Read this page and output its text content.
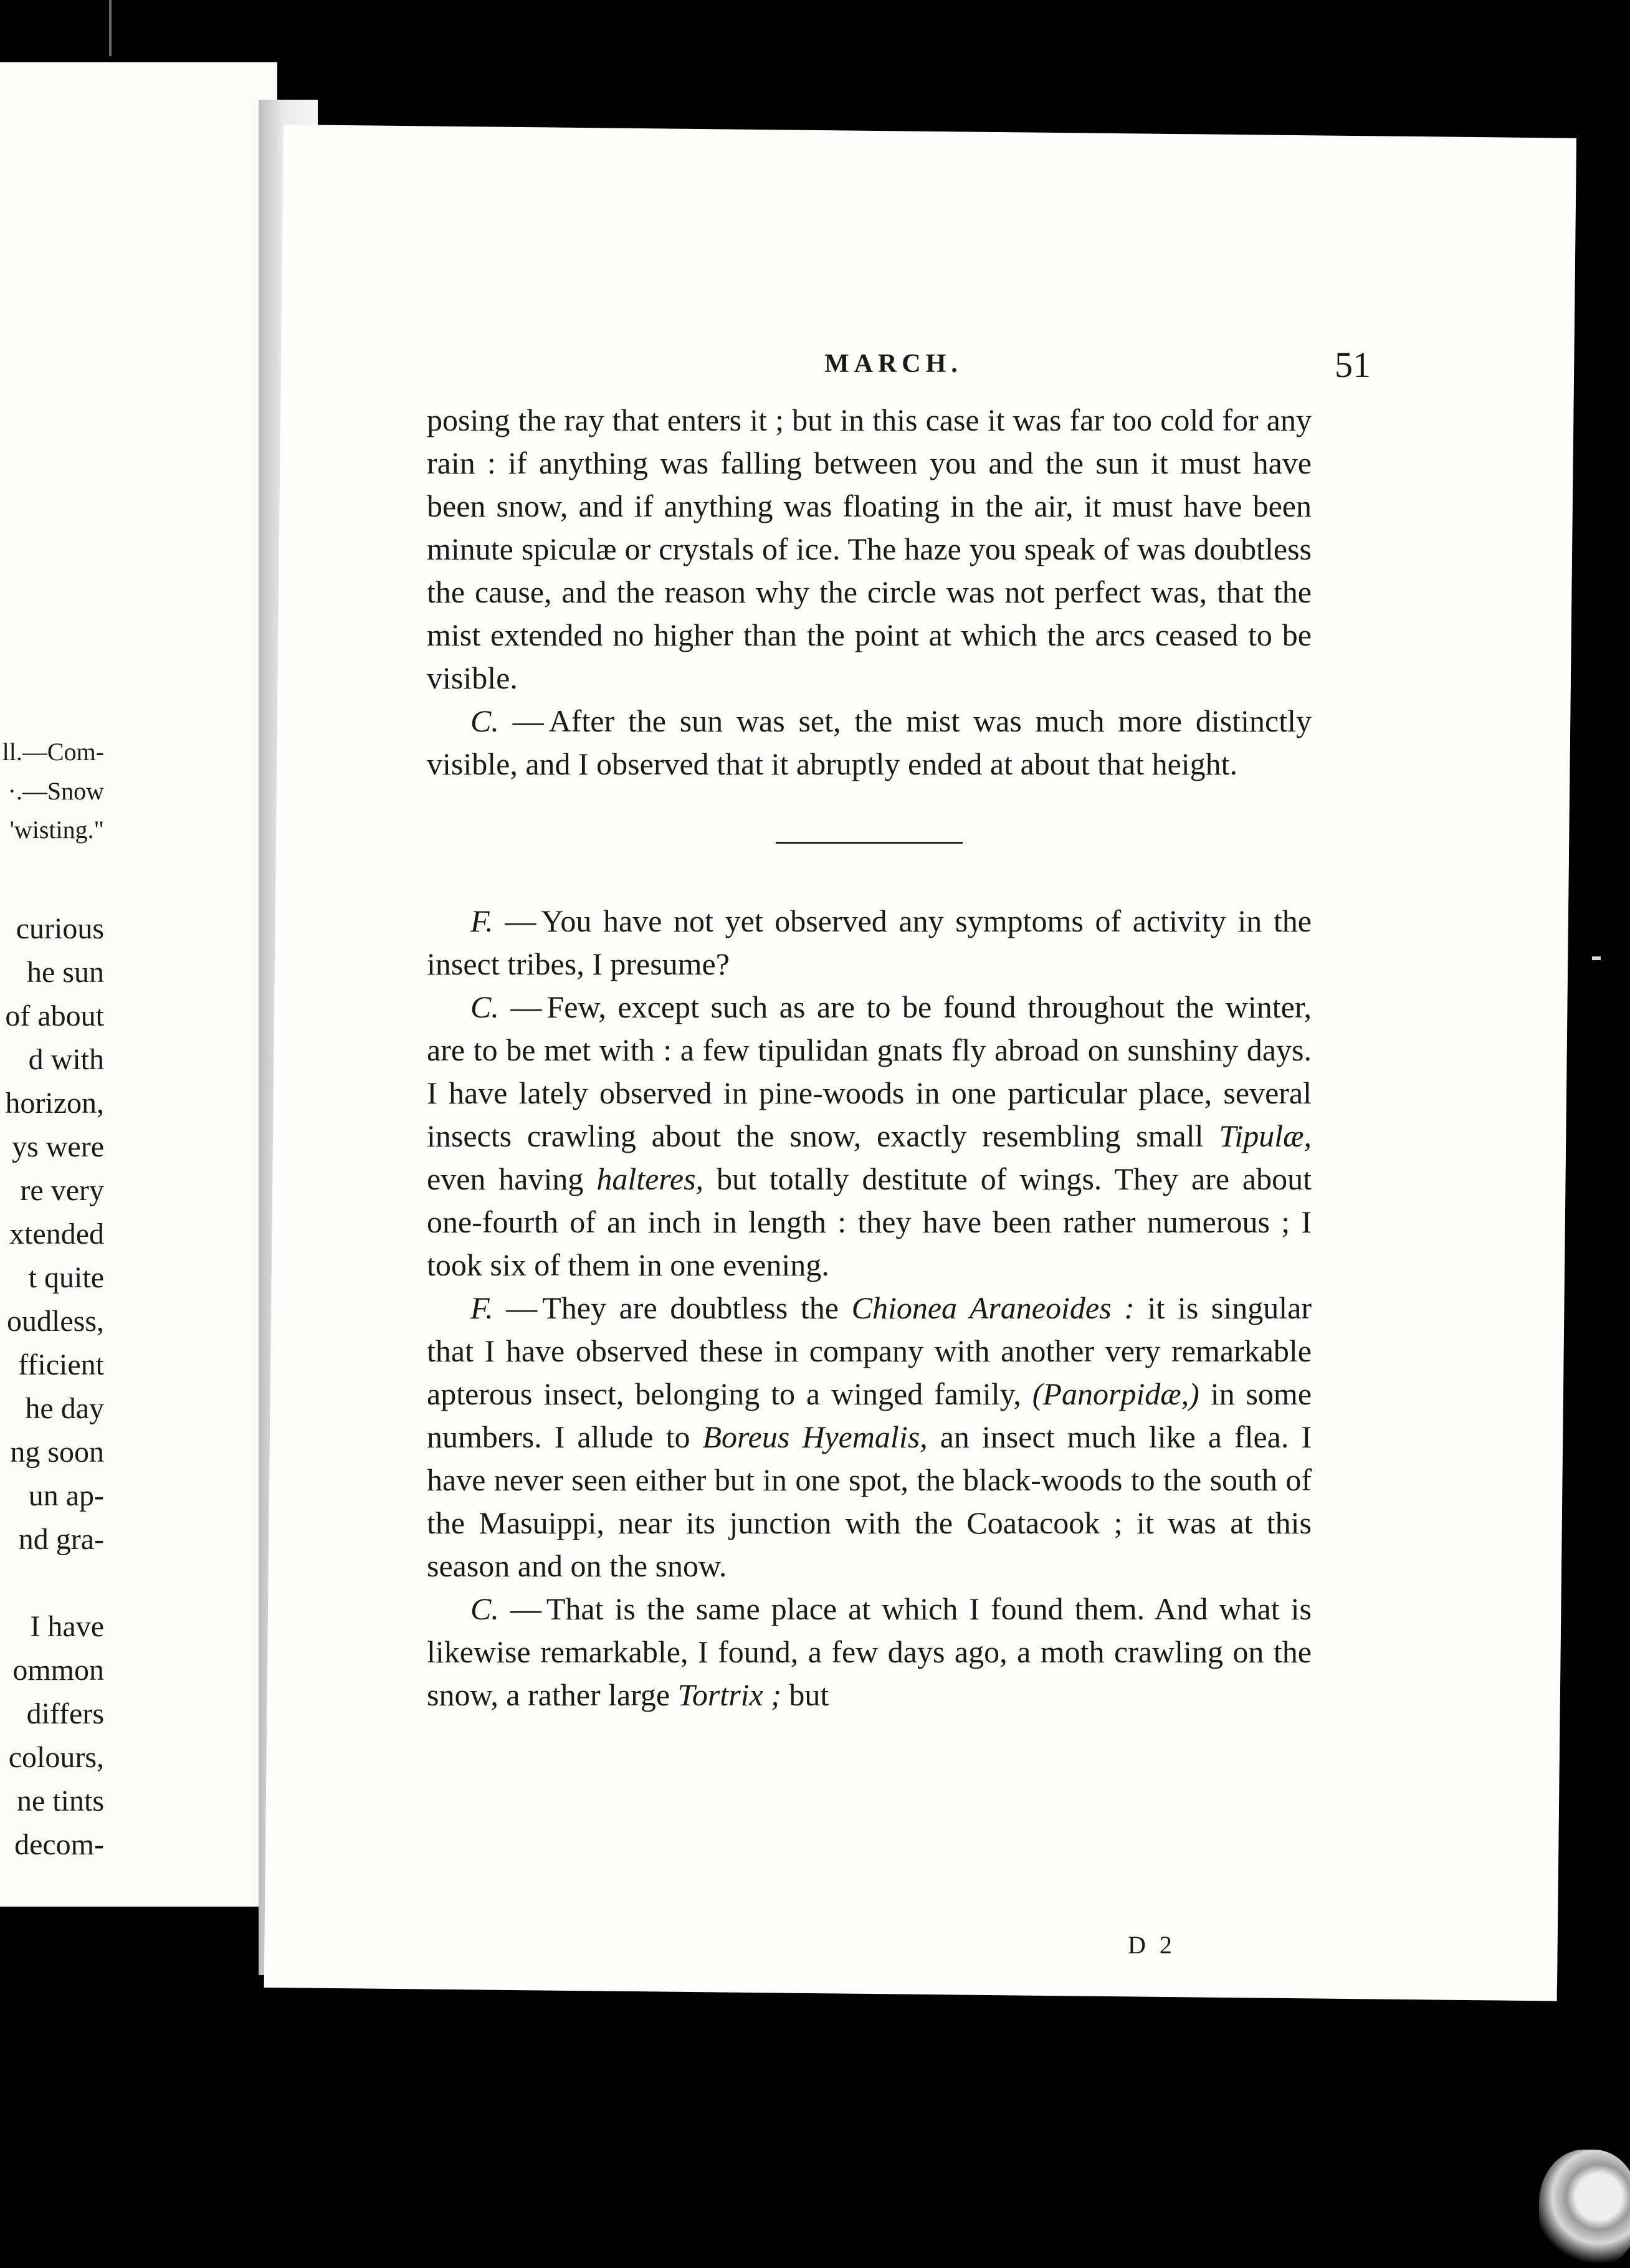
ll.—Com-
·.—Snow
'wisting."
curious
he sun
of about
d with
horizon,
ys were
re very
xtended
t quite
oudless,
fficient
he day
ng soon
un ap-
nd gra-
I have
ommon
differs
colours,
ne tints
decom-
MARCH.	51

posing the ray that enters it ; but in this case it was far too cold for any rain : if anything was falling between you and the sun it must have been snow, and if anything was floating in the air, it must have been minute spiculæ or crystals of ice. The haze you speak of was doubtless the cause, and the reason why the circle was not perfect was, that the mist extended no higher than the point at which the arcs ceased to be visible.

C. — After the sun was set, the mist was much more distinctly visible, and I observed that it abruptly ended at about that height.

F. — You have not yet observed any symptoms of activity in the insect tribes, I presume?

C. — Few, except such as are to be found throughout the winter, are to be met with : a few tipulidan gnats fly abroad on sunshiny days. I have lately observed in pine-woods in one particular place, several insects crawling about the snow, exactly resembling small Tipulæ, even having halteres, but totally destitute of wings. They are about one-fourth of an inch in length : they have been rather numerous ; I took six of them in one evening.

F. — They are doubtless the Chionea Araneoides : it is singular that I have observed these in company with another very remarkable apterous insect, belonging to a winged family, (Panorpidæ,) in some numbers. I allude to Boreus Hyemalis, an insect much like a flea. I have never seen either but in one spot, the black-woods to the south of the Masuippi, near its junction with the Coatacook ; it was at this season and on the snow.

C. — That is the same place at which I found them. And what is likewise remarkable, I found, a few days ago, a moth crawling on the snow, a rather large Tortrix ; but

D 2
